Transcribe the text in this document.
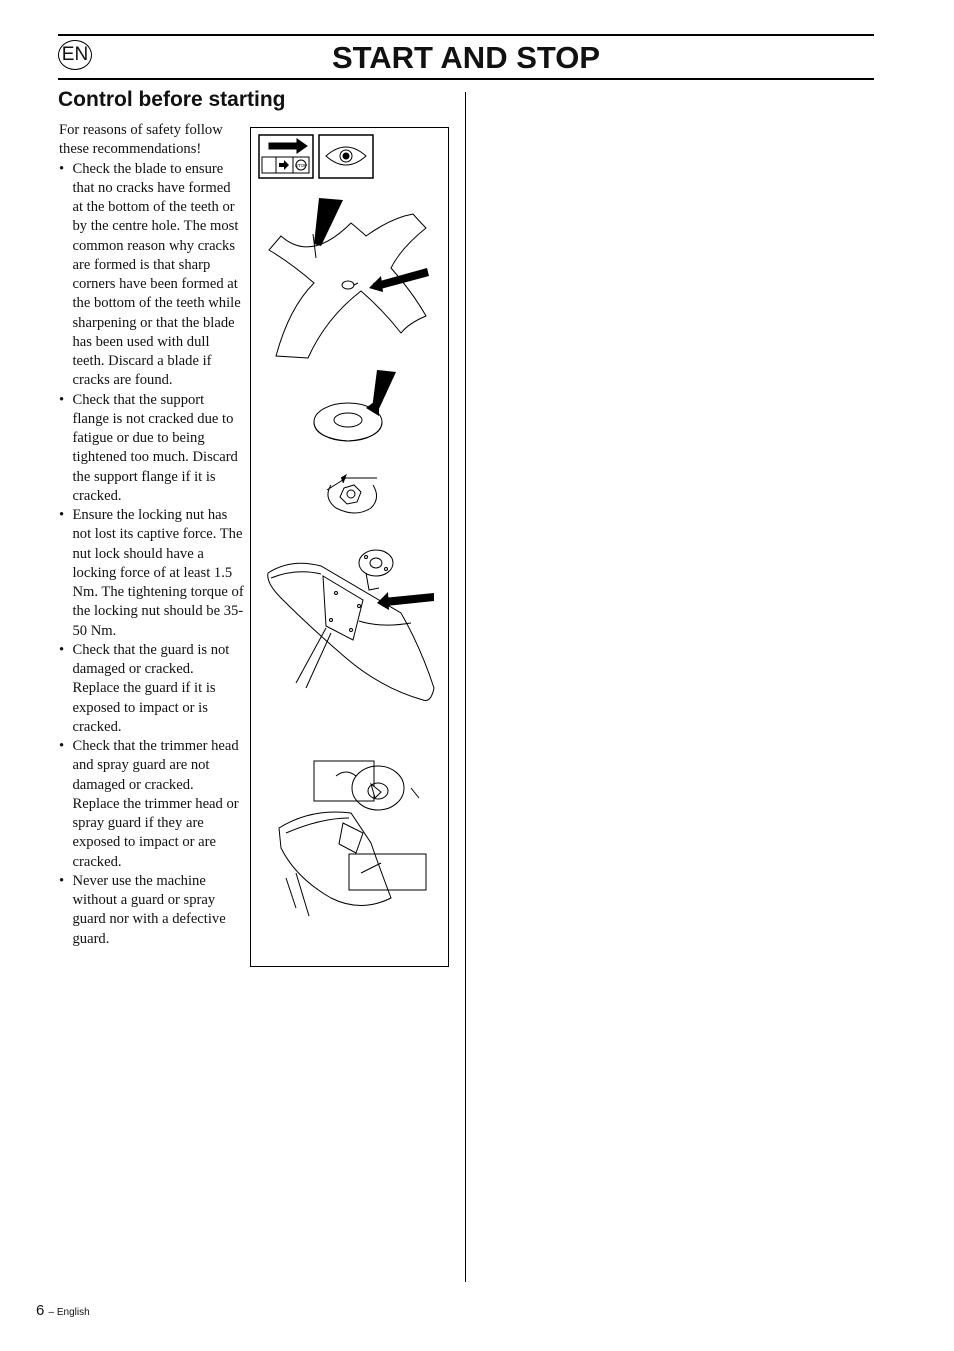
EN	START AND STOP
Control before starting

For reasons of safety follow these recommendations!

• Check the blade to ensure that no cracks have formed at the bottom of the teeth or by the centre hole. The most common reason why cracks are formed is that sharp corners have been formed at the bottom of the teeth while sharpening or that the blade has been used with dull teeth. Discard a blade if cracks are found.
• Check that the support flange is not cracked due to fatigue or due to being tightened too much. Discard the support flange if it is cracked.
• Ensure the locking nut has not lost its captive force. The nut lock should have a locking force of at least 1.5 Nm. The tightening torque of the locking nut should be 35-50 Nm.
• Check that the guard is not damaged or cracked. Replace the guard if it is exposed to impact or is cracked.
• Check that the trimmer head and spray guard are not damaged or cracked. Replace the trimmer head or spray guard if they are exposed to impact or are cracked.
• Never use the machine without a guard or spray guard nor with a defective guard.
STOP
6 – English
